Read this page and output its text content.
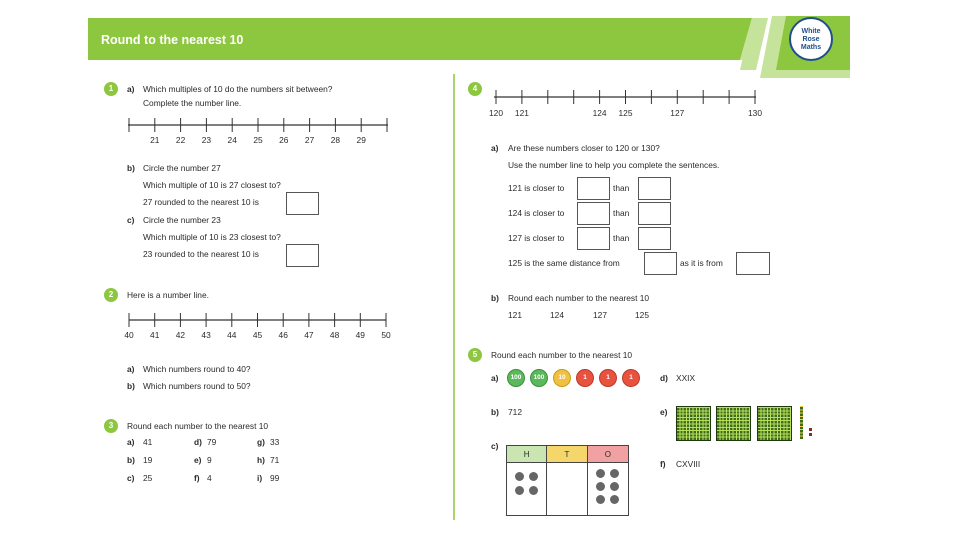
Round to the nearest 10
White
Rose
Maths
1	a) Which multiples of 10 do the numbers sit between?
Complete the number line.
21 22 23 24 25 26 27 28 29
b) Circle the number 27
Which multiple of 10 is 27 closest to?
27 rounded to the nearest 10 is
c) Circle the number 23
Which multiple of 10 is 23 closest to?
23 rounded to the nearest 10 is
2	Here is a number line.
40 41 42 43 44 45 46 47 48 49 50
a) Which numbers round to 40?
b) Which numbers round to 50?
3	Round each number to the nearest 10
a) 41	d) 79	g) 33
b) 19	e) 9	h) 71
c) 25	f) 4	i) 99
4
120 121	124 125	127	130
a) Are these numbers closer to 120 or 130?
Use the number line to help you complete the sentences.
121 is closer to	than
124 is closer to	than
127 is closer to	than
125 is the same distance from	as it is from
b) Round each number to the nearest 10
121	124	127	125
5	Round each number to the nearest 10
a)	100	100	10	1	1	1
b) 712
c)
H	T	O
d) XXIX
e)
f) CXVIII
